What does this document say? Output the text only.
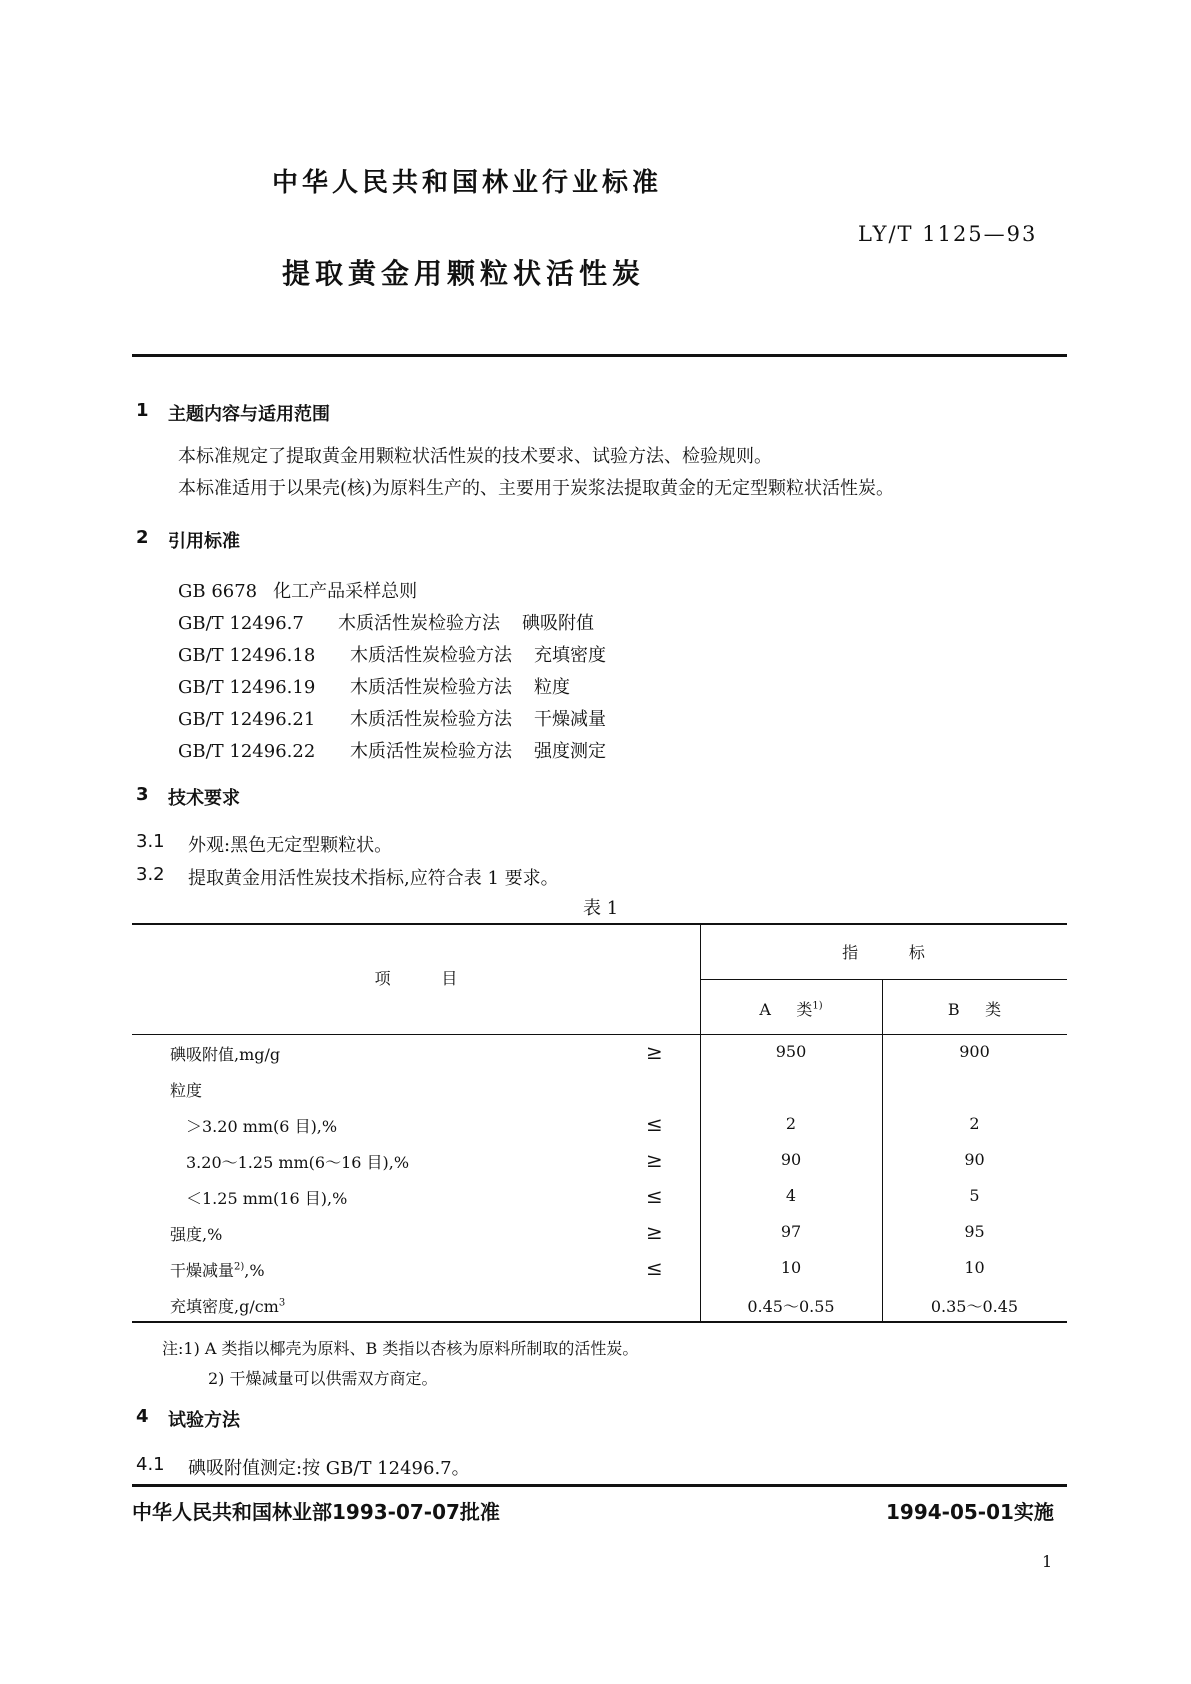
中华人民共和国林业行业标准
LY/T 1125—93
提取黄金用颗粒状活性炭
1 主题内容与适用范围
本标准规定了提取黄金用颗粒状活性炭的技术要求、试验方法、检验规则。
本标准适用于以果壳(核)为原料生产的、主要用于炭浆法提取黄金的无定型颗粒状活性炭。
2 引用标准
GB 6678 化工产品采样总则
GB/T 12496.7 木质活性炭检验方法 碘吸附值
GB/T 12496.18 木质活性炭检验方法 充填密度
GB/T 12496.19 木质活性炭检验方法 粒度
GB/T 12496.21 木质活性炭检验方法 干燥减量
GB/T 12496.22 木质活性炭检验方法 强度测定
3 技术要求
3.1 外观:黑色无定型颗粒状。
3.2 提取黄金用活性炭技术指标,应符合表 1 要求。
表 1
项          目
指          标
A     类$^{1)}$	B     类
碘吸附值,mg/g	≥	950	900
粒度
＞3.20 mm(6 目),%	≤	2	2
3.20～1.25 mm(6～16 目),%	≥	90	90
＜1.25 mm(16 目),%	≤	4	5
强度,%	≥	97	95
干燥减量$^{2)}$,%	≤	10	10
充填密度$,g/cm^3$	0.45～0.55	0.35～0.45
注:1) A 类指以椰壳为原料、B 类指以杏核为原料所制取的活性炭。
2) 干燥减量可以供需双方商定。
4 试验方法
4.1 碘吸附值测定:按 GB/T 12496.7。
中华人民共和国林业部1993-07-07批准	1994-05-01实施
1
